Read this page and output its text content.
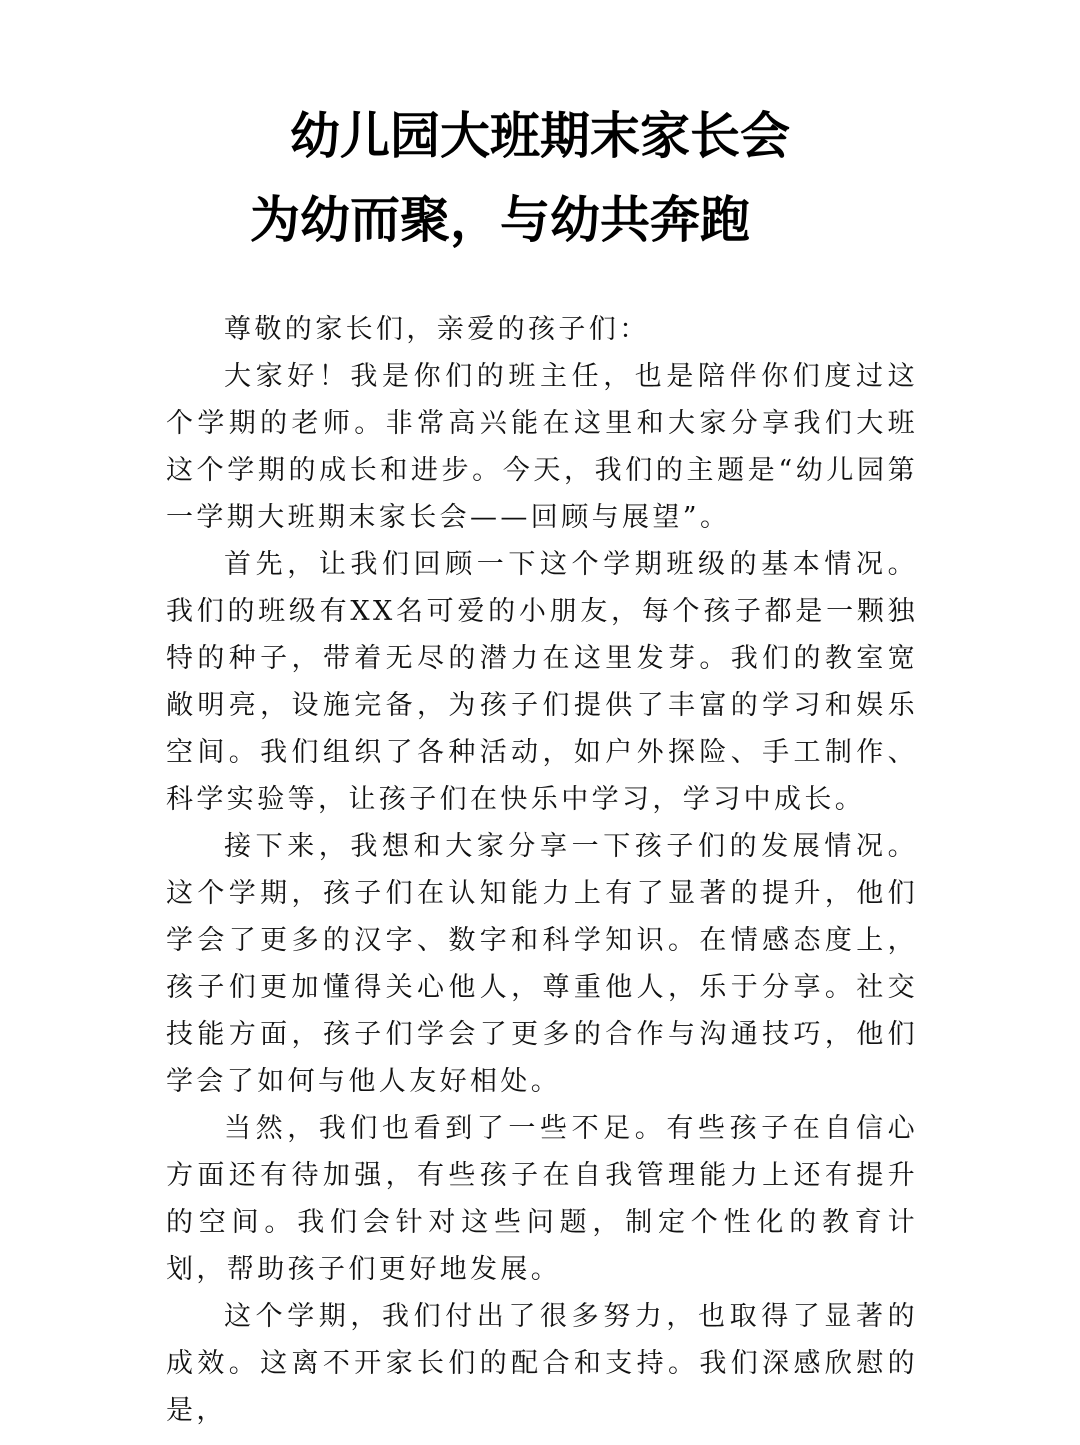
幼儿园大班期末家长会
为幼而聚，与幼共奔跑

尊敬的家长们，亲爱的孩子们：

大家好！我是你们的班主任，也是陪伴你们度过这个学期的老师。非常高兴能在这里和大家分享我们大班这个学期的成长和进步。今天，我们的主题是“幼儿园第一学期大班期末家长会——回顾与展望”。

首先，让我们回顾一下这个学期班级的基本情况。我们的班级有XX名可爱的小朋友，每个孩子都是一颗独特的种子，带着无尽的潜力在这里发芽。我们的教室宽敞明亮，设施完备，为孩子们提供了丰富的学习和娱乐空间。我们组织了各种活动，如户外探险、手工制作、科学实验等，让孩子们在快乐中学习，学习中成长。

接下来，我想和大家分享一下孩子们的发展情况。这个学期，孩子们在认知能力上有了显著的提升，他们学会了更多的汉字、数字和科学知识。在情感态度上，孩子们更加懂得关心他人，尊重他人，乐于分享。社交技能方面，孩子们学会了更多的合作与沟通技巧，他们学会了如何与他人友好相处。

当然，我们也看到了一些不足。有些孩子在自信心方面还有待加强，有些孩子在自我管理能力上还有提升的空间。我们会针对这些问题，制定个性化的教育计划，帮助孩子们更好地发展。

这个学期，我们付出了很多努力，也取得了显著的成效。这离不开家长们的配合和支持。我们深感欣慰的是，
